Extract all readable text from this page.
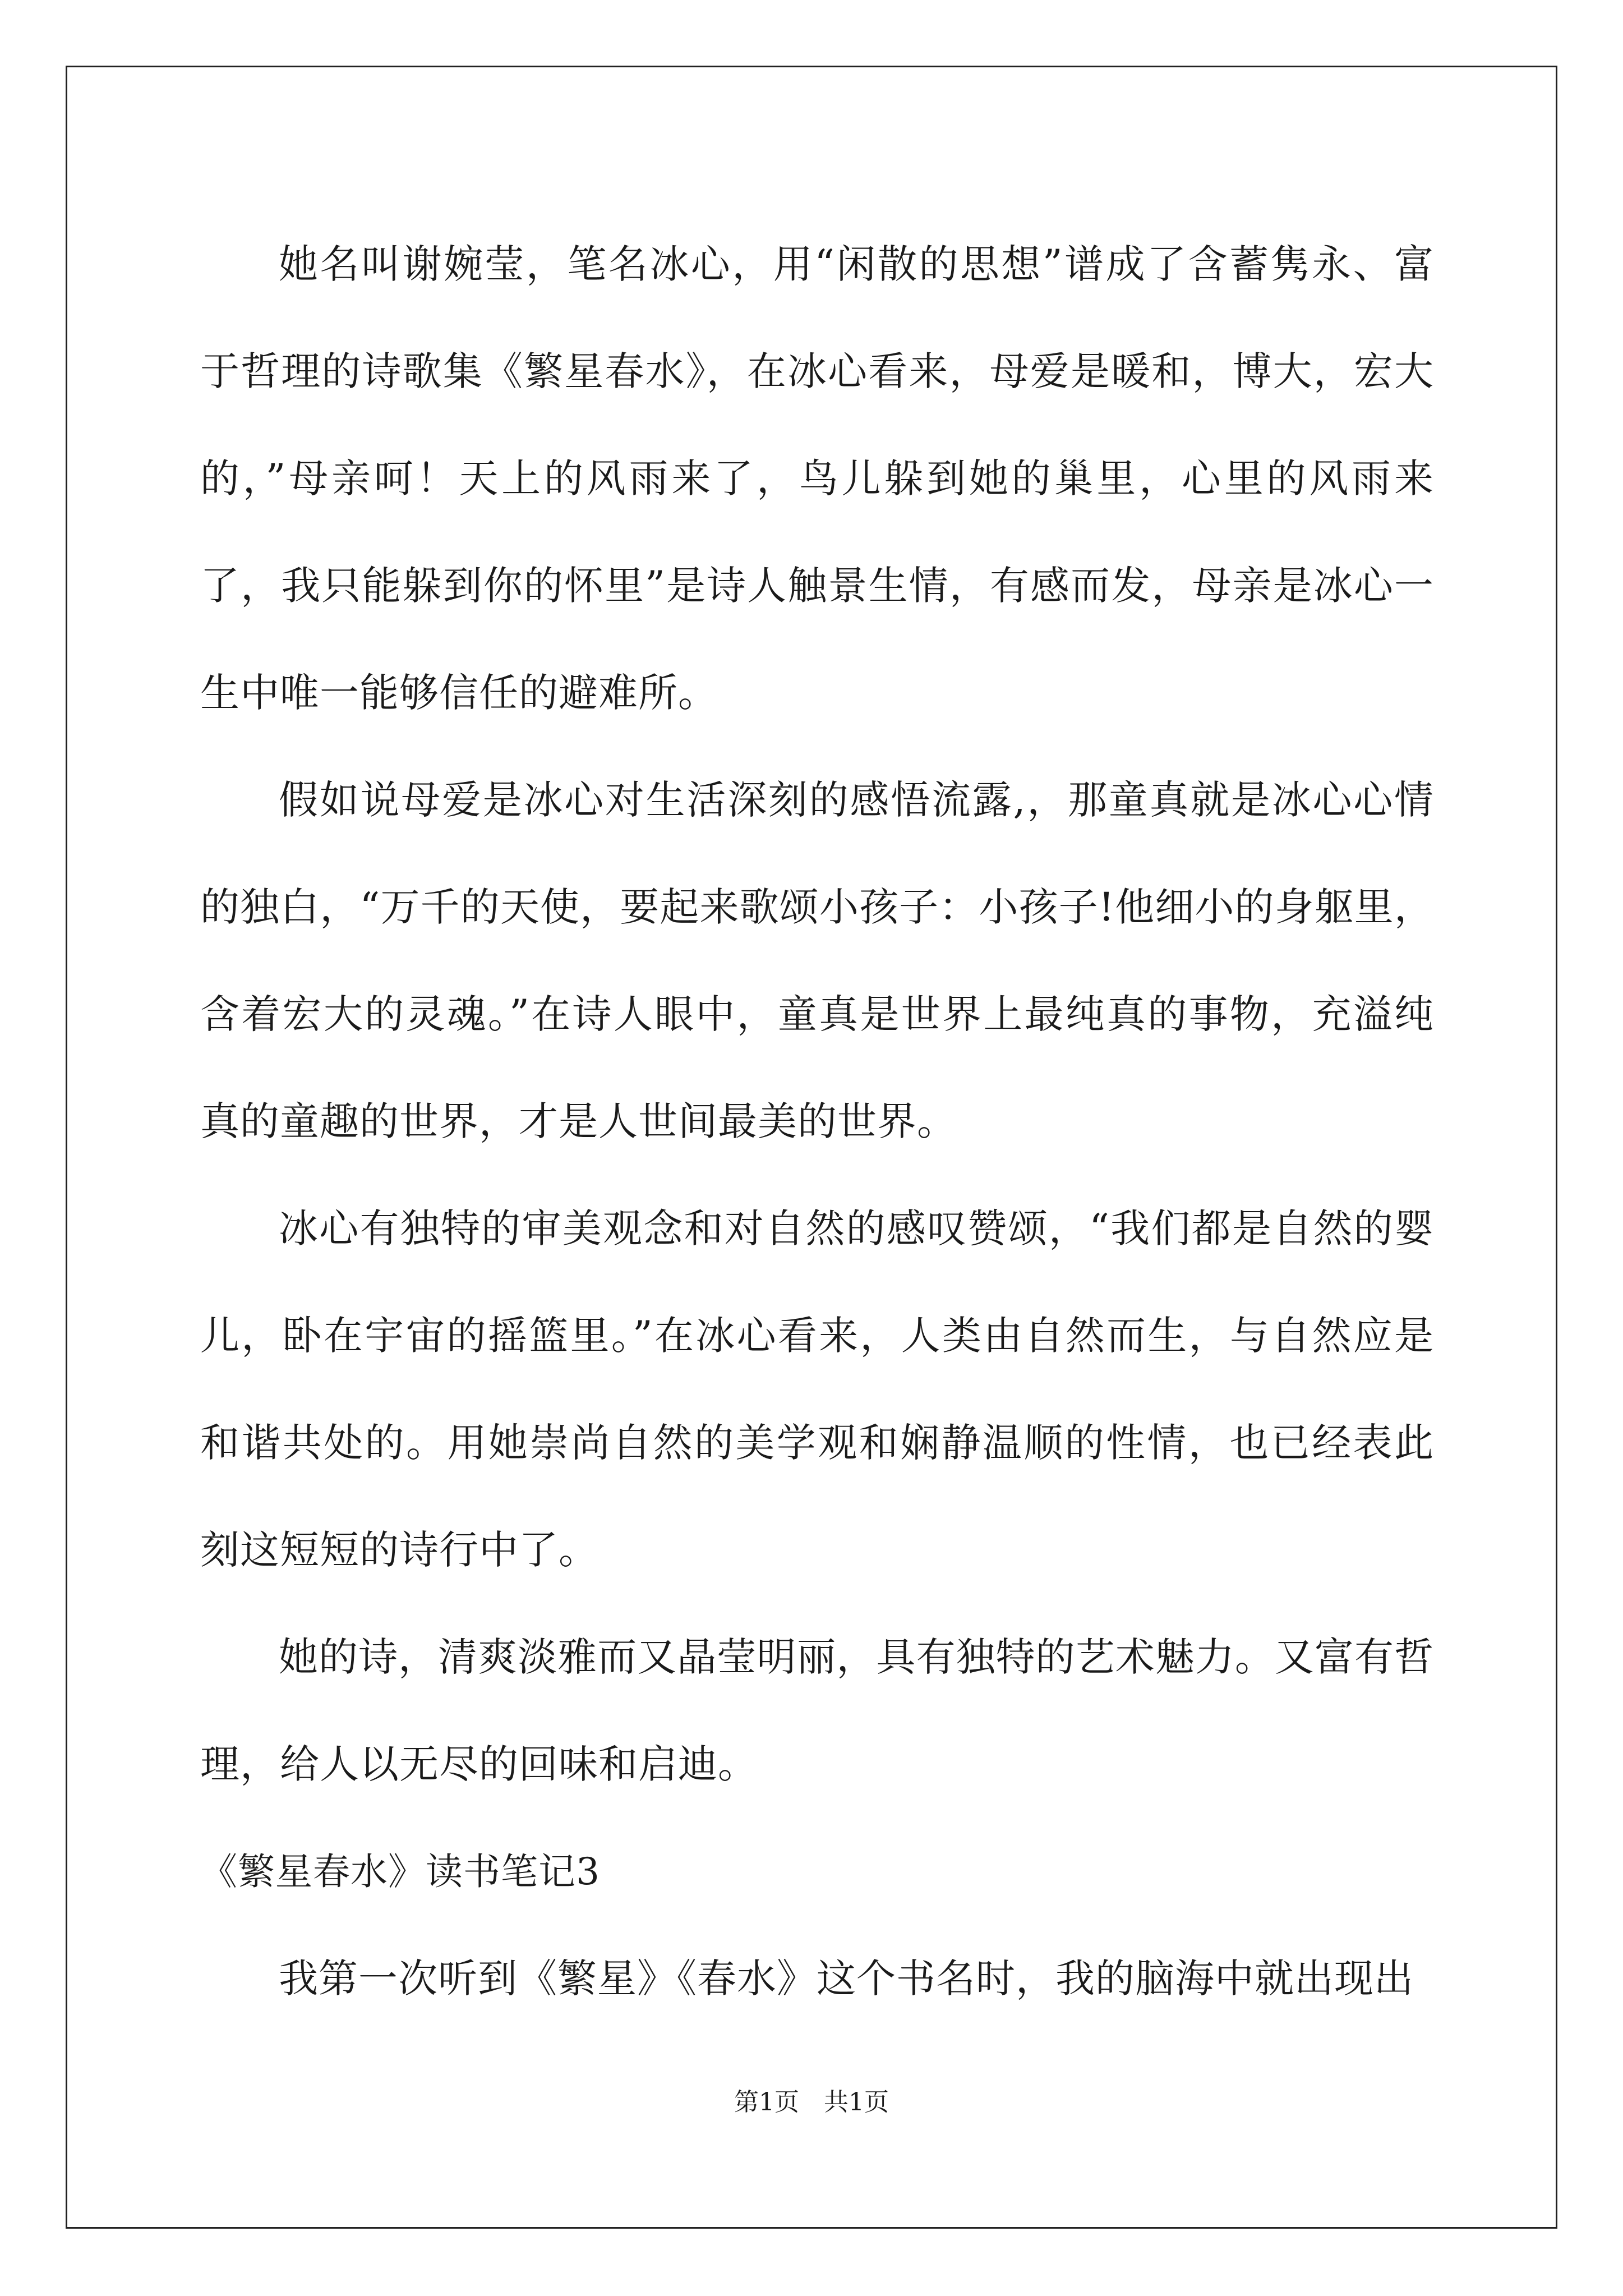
她名叫谢婉莹，笔名冰心，用“闲散的思想”谱成了含蓄隽永、富于哲理的诗歌集《繁星春水》，在冰心看来，母爱是暖和，博大，宏大的，”母亲呵！天上的风雨来了，鸟儿躲到她的巢里，心里的风雨来了，我只能躲到你的怀里”是诗人触景生情，有感而发，母亲是冰心一生中唯一能够信任的避难所。

假如说母爱是冰心对生活深刻的感悟流露,，那童真就是冰心心情的独白，“万千的天使，要起来歌颂小孩子：小孩子!他细小的身躯里，含着宏大的灵魂。”在诗人眼中，童真是世界上最纯真的事物，充溢纯真的童趣的世界，才是人世间最美的世界。

冰心有独特的审美观念和对自然的感叹赞颂，“我们都是自然的婴儿，卧在宇宙的摇篮里。”在冰心看来，人类由自然而生，与自然应是和谐共处的。用她崇尚自然的美学观和娴静温顺的性情，也已经表此刻这短短的诗行中了。

她的诗，清爽淡雅而又晶莹明丽，具有独特的艺术魅力。又富有哲理，给人以无尽的回味和启迪。

《繁星春水》读书笔记3

我第一次听到《繁星》《春水》这个书名时，我的脑海中就出现出

第1页　共1页
